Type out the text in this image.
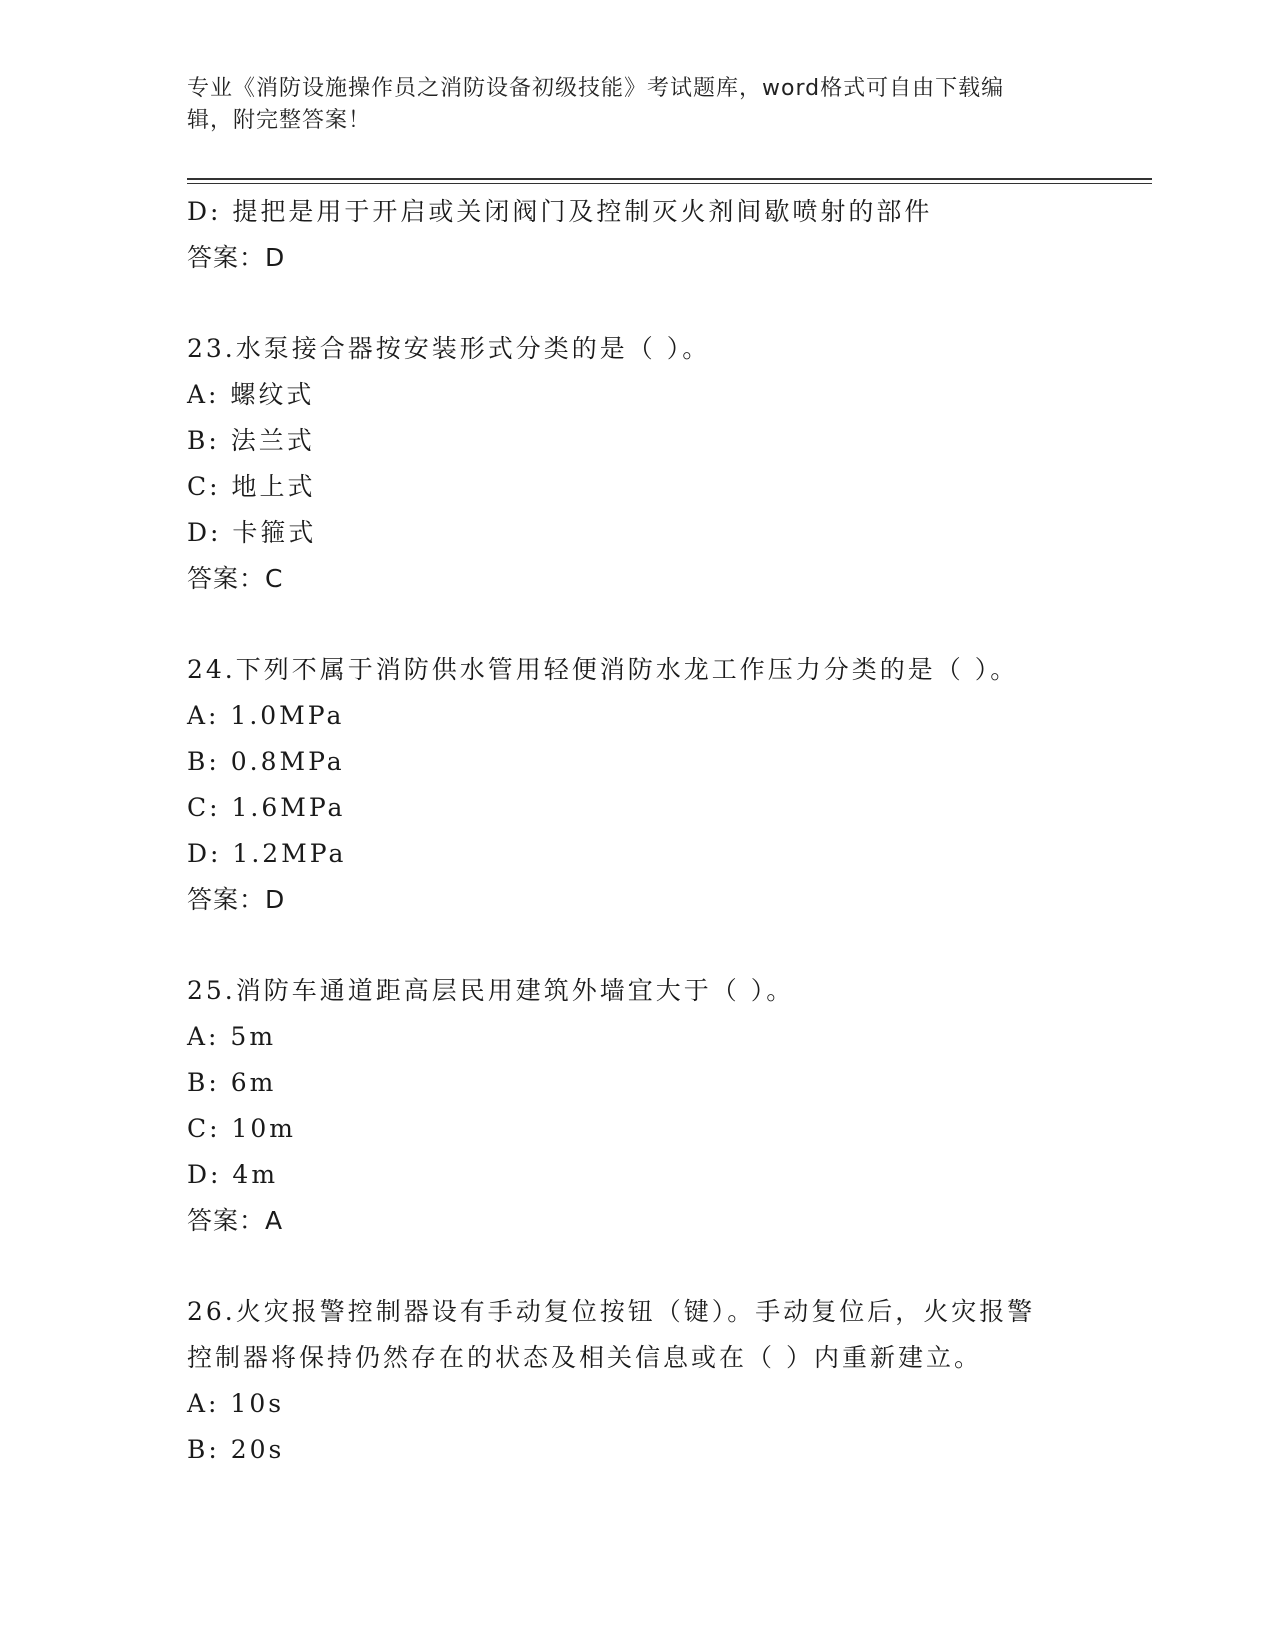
专业《消防设施操作员之消防设备初级技能》考试题库，word格式可自由下载编
辑，附完整答案！
D: 提把是用于开启或关闭阀门及控制灭火剂间歇喷射的部件
答案：D
23.水泵接合器按安装形式分类的是（ ）。
A: 螺纹式
B: 法兰式
C: 地上式
D: 卡箍式
答案：C
24.下列不属于消防供水管用轻便消防水龙工作压力分类的是（ ）。
A: 1.0MPa
B: 0.8MPa
C: 1.6MPa
D: 1.2MPa
答案：D
25.消防车通道距高层民用建筑外墙宜大于（ ）。
A: 5m
B: 6m
C: 10m
D: 4m
答案：A
26.火灾报警控制器设有手动复位按钮（键）。手动复位后，火灾报警
控制器将保持仍然存在的状态及相关信息或在（ ）内重新建立。
A: 10s
B: 20s
